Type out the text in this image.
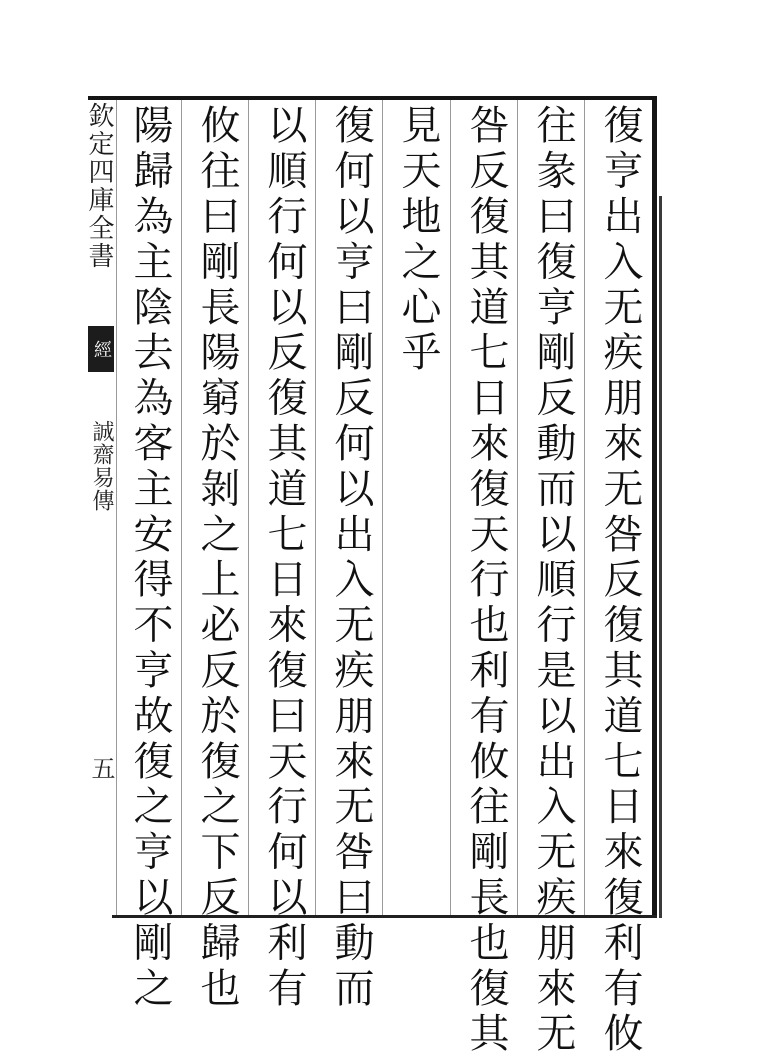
欽定四庫全書
經
誠齋易傳
五	復亨出入无疾朋來无咎反復其道七日來復利有攸
往彖曰復亨剛反動而以順行是以出入无疾朋來无
咎反復其道七日來復天行也利有攸往剛長也復其
見天地之心乎
復何以亨曰剛反何以出入无疾朋來无咎曰動而
以順行何以反復其道七日來復曰天行何以利有
攸往曰剛長陽窮於剝之上必反於復之下反歸也
陽歸為主陰去為客主安得不亨故復之亨以剛之
